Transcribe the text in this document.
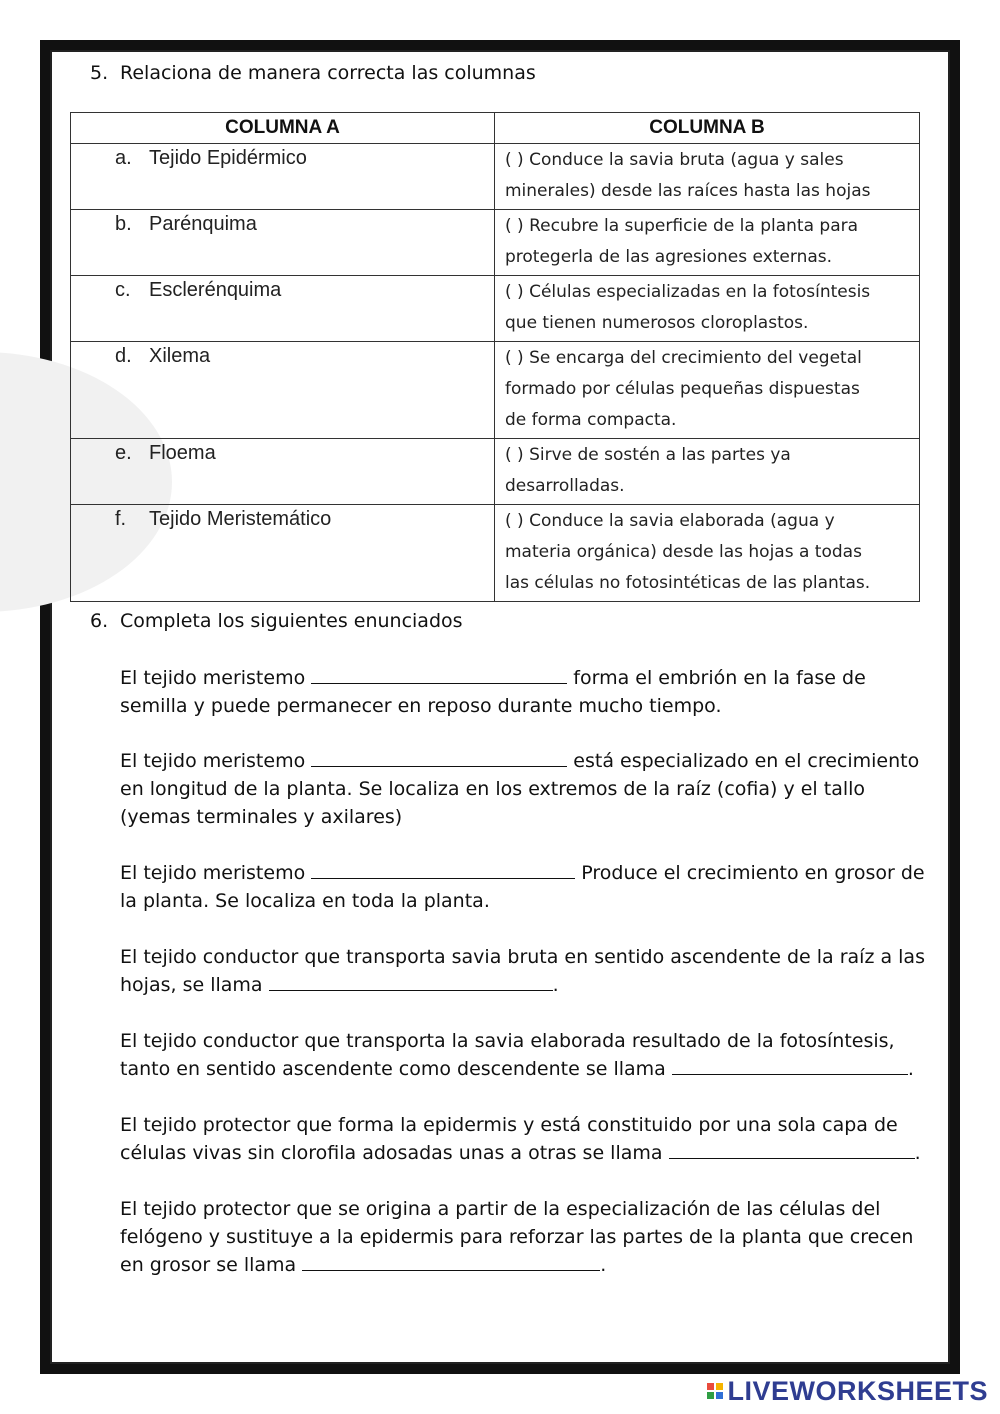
5. Relaciona de manera correcta las columnas
COLUMNA A	COLUMNA B
a. Tejido Epidérmico	( ) Conduce la savia bruta (agua y sales
minerales) desde las raíces hasta las hojas

b. Parénquima	( ) Recubre la superficie de la planta para
protegerla de las agresiones externas.

c. Esclerénquima	( ) Células especializadas en la fotosíntesis
que tienen numerosos cloroplastos.

d. Xilema	( ) Se encarga del crecimiento del vegetal
formado por células pequeñas dispuestas
de forma compacta.

e. Floema	( ) Sirve de sostén a las partes ya
desarrolladas.

f. Tejido Meristemático	( ) Conduce la savia elaborada (agua y
materia orgánica) desde las hojas a todas
las células no fotosintéticas de las plantas.
6. Completa los siguientes enunciados
El tejido meristemo	forma el embrión en la fase de
semilla y puede permanecer en reposo durante mucho tiempo.
El tejido meristemo	está especializado en el crecimiento
en longitud de la planta. Se localiza en los extremos de la raíz (cofia) y el tallo
(yemas terminales y axilares)
El tejido meristemo	Produce el crecimiento en grosor de
la planta. Se localiza en toda la planta.
El tejido conductor que transporta savia bruta en sentido ascendente de la raíz a las
hojas, se llama	.
El tejido conductor que transporta la savia elaborada resultado de la fotosíntesis,
tanto en sentido ascendente como descendente se llama	.
El tejido protector que forma la epidermis y está constituido por una sola capa de
células vivas sin clorofila adosadas unas a otras se llama	.
El tejido protector que se origina a partir de la especialización de las células del
felógeno y sustituye a la epidermis para reforzar las partes de la planta que crecen
en grosor se llama	.
LIVEWORKSHEETS
